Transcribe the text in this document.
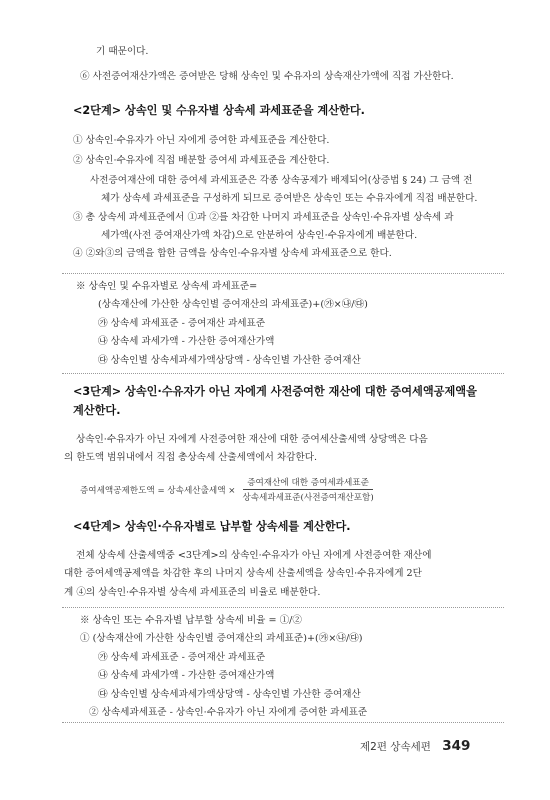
기 때문이다.
⑥ 사전증여재산가액은 증여받은 당해 상속인 및 수유자의 상속재산가액에 직접 가산한다.
<2단계> 상속인 및 수유자별 상속세 과세표준을 계산한다.
① 상속인·수유자가 아닌 자에게 증여한 과세표준을 계산한다.
② 상속인·수유자에 직접 배분할 증여세 과세표준을 계산한다.
사전증여재산에 대한 증여세 과세표준은 각종 상속공제가 배제되어(상증법 § 24) 그 금액 전
체가 상속세 과세표준을 구성하게 되므로 증여받은 상속인 또는 수유자에게 직접 배분한다.
③ 총 상속세 과세표준에서 ①과 ②를 차감한 나머지 과세표준을 상속인·수유자별 상속세 과
세가액(사전 증여재산가액 차감)으로 안분하여 상속인·수유자에게 배분한다.
④ ②와③의 금액을 합한 금액을 상속인·수유자별 상속세 과세표준으로 한다.
※ 상속인 및 수유자별로 상속세 과세표준=
(상속재산에 가산한 상속인별 증여재산의 과세표준)+(㉮×㉯/㉰)
㉮ 상속세 과세표준 - 증여재산 과세표준
㉯ 상속세 과세가액 - 가산한 증여재산가액
㉰ 상속인별 상속세과세가액상당액 - 상속인별 가산한 증여재산
<3단계> 상속인·수유자가 아닌 자에게 사전증여한 재산에 대한 증여세액공제액을
계산한다.
상속인·수유자가 아닌 자에게 사전증여한 재산에 대한 증여세산출세액 상당액은 다음
의 한도액 범위내에서 직접 총상속세 산출세액에서 차감한다.
증여세액공제한도액 = 상속세산출세액 × $\frac{\text{증여재산에 대한 증여세과세표준}}{\text{상속세과세표준(사전증여재산포함)}}$
<4단계> 상속인·수유자별로 납부할 상속세를 계산한다.
전체 상속세 산출세액중 <3단계>의 상속인·수유자가 아닌 자에게 사전증여한 재산에
대한 증여세액공제액을 차감한 후의 나머지 상속세 산출세액을 상속인·수유자에게 2단
계 ④의 상속인·수유자별 상속세 과세표준의 비율로 배분한다.
※ 상속인 또는 수유자별 납부할 상속세 비율 = ①/②
① (상속재산에 가산한 상속인별 증여재산의 과세표준)+(㉮×㉯/㉰)
㉮ 상속세 과세표준 - 증여재산 과세표준
㉯ 상속세 과세가액 - 가산한 증여재산가액
㉰ 상속인별 상속세과세가액상당액 - 상속인별 가산한 증여재산
② 상속세과세표준 - 상속인·수유자가 아닌 자에게 증여한 과세표준
제2편 상속세편 349
